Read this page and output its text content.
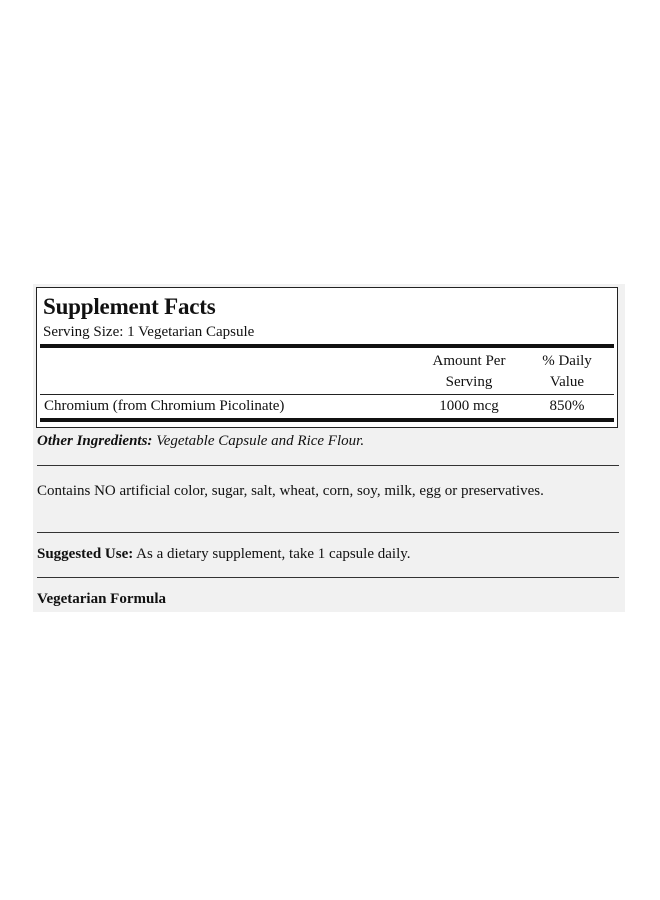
Supplement Facts
Serving Size: 1 Vegetarian Capsule
Amount Per
Serving
% Daily
Value
Chromium (from Chromium Picolinate)	1000 mcg	850%
Other Ingredients: Vegetable Capsule and Rice Flour.
Contains NO artificial color, sugar, salt, wheat, corn, soy, milk, egg or preservatives.
Suggested Use: As a dietary supplement, take 1 capsule daily.
Vegetarian Formula
